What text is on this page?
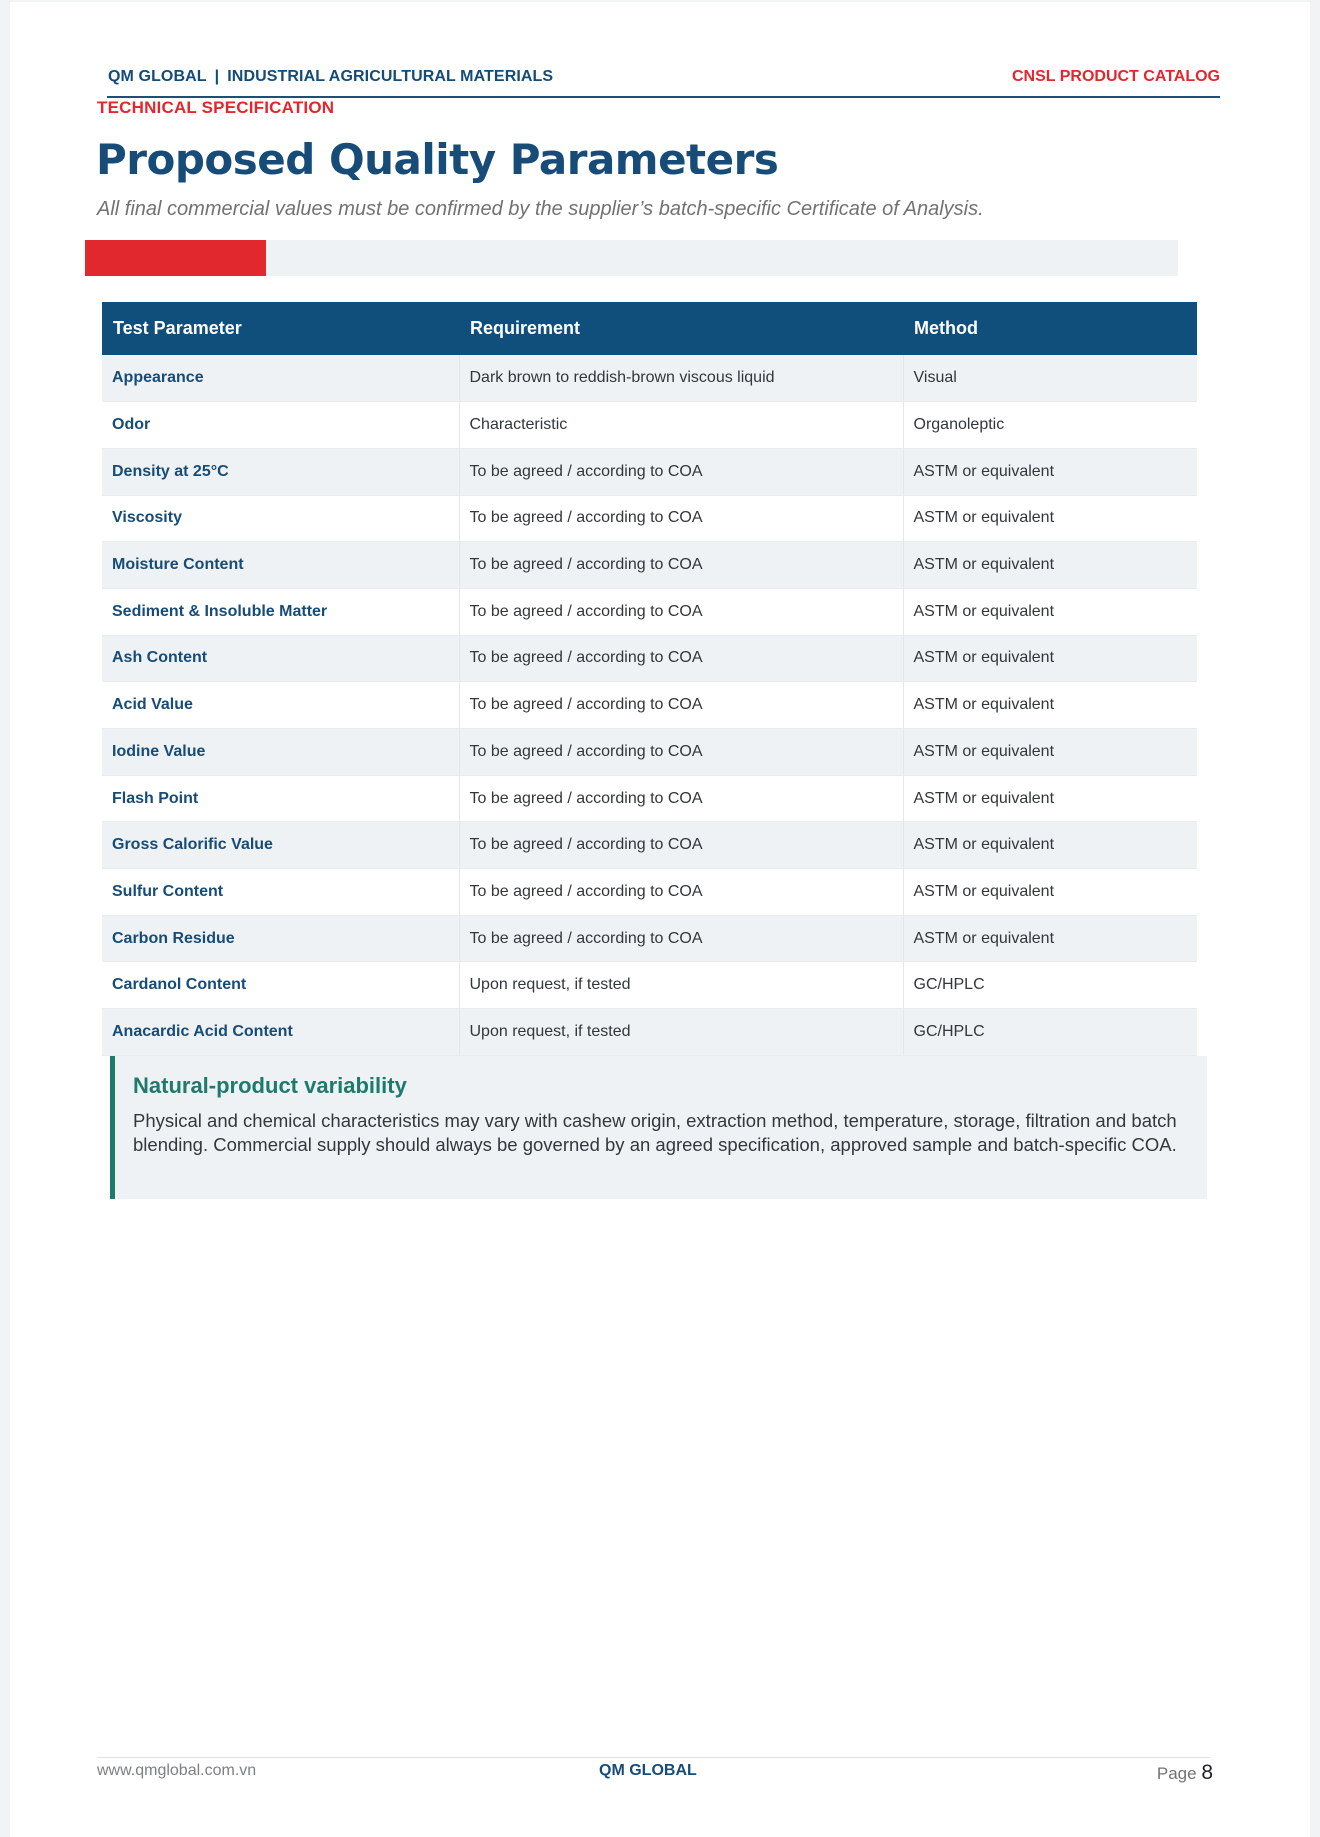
QM GLOBAL | INDUSTRIAL AGRICULTURAL MATERIALS	CNSL PRODUCT CATALOG
TECHNICAL SPECIFICATION
Proposed Quality Parameters
All final commercial values must be confirmed by the supplier’s batch-specific Certificate of Analysis.
Test Parameter	Requirement	Method
Appearance	Dark brown to reddish-brown viscous liquid	Visual
Odor	Characteristic	Organoleptic
Density at 25°C	To be agreed / according to COA	ASTM or equivalent
Viscosity	To be agreed / according to COA	ASTM or equivalent
Moisture Content	To be agreed / according to COA	ASTM or equivalent
Sediment & Insoluble Matter	To be agreed / according to COA	ASTM or equivalent
Ash Content	To be agreed / according to COA	ASTM or equivalent
Acid Value	To be agreed / according to COA	ASTM or equivalent
Iodine Value	To be agreed / according to COA	ASTM or equivalent
Flash Point	To be agreed / according to COA	ASTM or equivalent
Gross Calorific Value	To be agreed / according to COA	ASTM or equivalent
Sulfur Content	To be agreed / according to COA	ASTM or equivalent
Carbon Residue	To be agreed / according to COA	ASTM or equivalent
Cardanol Content	Upon request, if tested	GC/HPLC
Anacardic Acid Content	Upon request, if tested	GC/HPLC
Natural-product variability
Physical and chemical characteristics may vary with cashew origin, extraction method, temperature, storage, filtration and batch blending. Commercial supply should always be governed by an agreed specification, approved sample and batch-specific COA.
www.qmglobal.com.vn	QM GLOBAL	Page 8
